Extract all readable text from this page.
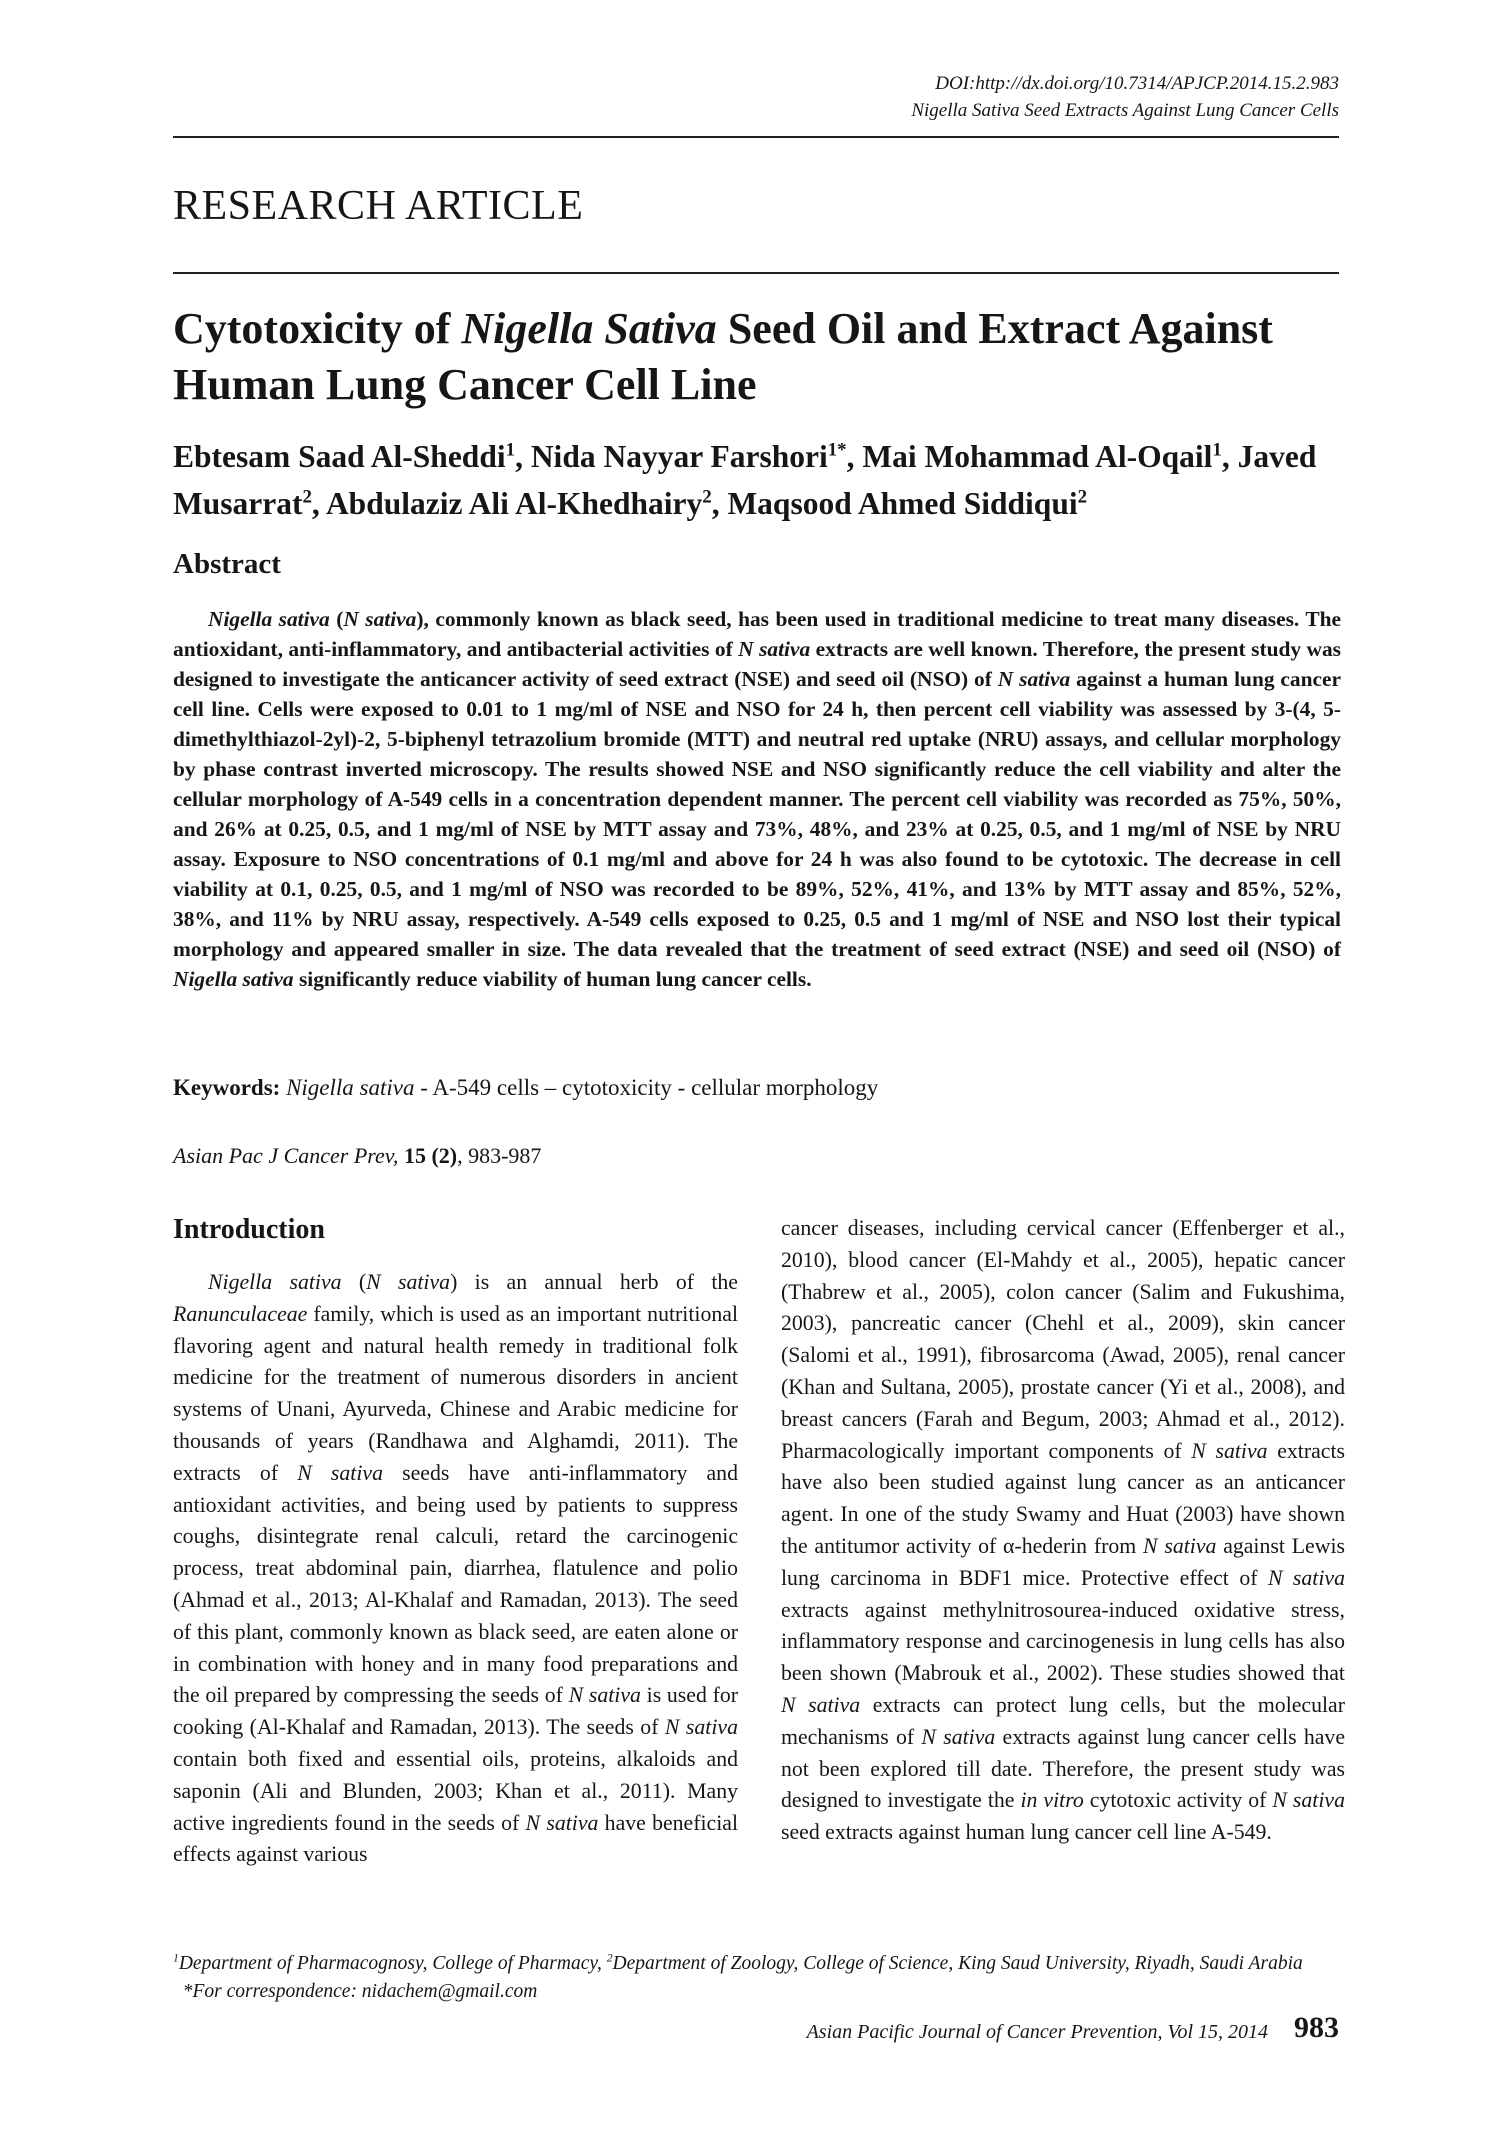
DOI:http://dx.doi.org/10.7314/APJCP.2014.15.2.983
Nigella Sativa Seed Extracts Against Lung Cancer Cells
RESEARCH ARTICLE
Cytotoxicity of Nigella Sativa Seed Oil and Extract Against Human Lung Cancer Cell Line
Ebtesam Saad Al-Sheddi$^1$, Nida Nayyar Farshori$^{1*}$, Mai Mohammad Al-Oqail$^1$, Javed Musarrat$^2$, Abdulaziz Ali Al-Khedhairy$^2$, Maqsood Ahmed Siddiqui$^2$
Abstract

Nigella sativa (N sativa), commonly known as black seed, has been used in traditional medicine to treat many diseases. The antioxidant, anti-inflammatory, and antibacterial activities of N sativa extracts are well known. Therefore, the present study was designed to investigate the anticancer activity of seed extract (NSE) and seed oil (NSO) of N sativa against a human lung cancer cell line. Cells were exposed to 0.01 to 1 mg/ml of NSE and NSO for 24 h, then percent cell viability was assessed by 3-(4, 5-dimethylthiazol-2yl)-2, 5-biphenyl tetrazolium bromide (MTT) and neutral red uptake (NRU) assays, and cellular morphology by phase contrast inverted microscopy. The results showed NSE and NSO significantly reduce the cell viability and alter the cellular morphology of A-549 cells in a concentration dependent manner. The percent cell viability was recorded as 75%, 50%, and 26% at 0.25, 0.5, and 1 mg/ml of NSE by MTT assay and 73%, 48%, and 23% at 0.25, 0.5, and 1 mg/ml of NSE by NRU assay. Exposure to NSO concentrations of 0.1 mg/ml and above for 24 h was also found to be cytotoxic. The decrease in cell viability at 0.1, 0.25, 0.5, and 1 mg/ml of NSO was recorded to be 89%, 52%, 41%, and 13% by MTT assay and 85%, 52%, 38%, and 11% by NRU assay, respectively. A-549 cells exposed to 0.25, 0.5 and 1 mg/ml of NSE and NSO lost their typical morphology and appeared smaller in size. The data revealed that the treatment of seed extract (NSE) and seed oil (NSO) of Nigella sativa significantly reduce viability of human lung cancer cells.

Keywords: Nigella sativa - A-549 cells – cytotoxicity - cellular morphology
Asian Pac J Cancer Prev, 15 (2), 983-987
Introduction

Nigella sativa (N sativa) is an annual herb of the Ranunculaceae family, which is used as an important nutritional flavoring agent and natural health remedy in traditional folk medicine for the treatment of numerous disorders in ancient systems of Unani, Ayurveda, Chinese and Arabic medicine for thousands of years (Randhawa and Alghamdi, 2011). The extracts of N sativa seeds have anti-inflammatory and antioxidant activities, and being used by patients to suppress coughs, disintegrate renal calculi, retard the carcinogenic process, treat abdominal pain, diarrhea, flatulence and polio (Ahmad et al., 2013; Al-Khalaf and Ramadan, 2013). The seed of this plant, commonly known as black seed, are eaten alone or in combination with honey and in many food preparations and the oil prepared by compressing the seeds of N sativa is used for cooking (Al-Khalaf and Ramadan, 2013). The seeds of N sativa contain both fixed and essential oils, proteins, alkaloids and saponin (Ali and Blunden, 2003; Khan et al., 2011). Many active ingredients found in the seeds of N sativa have beneficial effects against various

cancer diseases, including cervical cancer (Effenberger et al., 2010), blood cancer (El-Mahdy et al., 2005), hepatic cancer (Thabrew et al., 2005), colon cancer (Salim and Fukushima, 2003), pancreatic cancer (Chehl et al., 2009), skin cancer (Salomi et al., 1991), fibrosarcoma (Awad, 2005), renal cancer (Khan and Sultana, 2005), prostate cancer (Yi et al., 2008), and breast cancers (Farah and Begum, 2003; Ahmad et al., 2012). Pharmacologically important components of N sativa extracts have also been studied against lung cancer as an anticancer agent. In one of the study Swamy and Huat (2003) have shown the antitumor activity of α-hederin from N sativa against Lewis lung carcinoma in BDF1 mice. Protective effect of N sativa extracts against methylnitrosourea-induced oxidative stress, inflammatory response and carcinogenesis in lung cells has also been shown (Mabrouk et al., 2002). These studies showed that N sativa extracts can protect lung cells, but the molecular mechanisms of N sativa extracts against lung cancer cells have not been explored till date. Therefore, the present study was designed to investigate the in vitro cytotoxic activity of N sativa seed extracts against human lung cancer cell line A-549.

$^1$Department of Pharmacognosy, College of Pharmacy, $^2$Department of Zoology, College of Science, King Saud University, Riyadh, Saudi Arabia  *For correspondence: nidachem@gmail.com
Asian Pacific Journal of Cancer Prevention, Vol 15, 2014 983
